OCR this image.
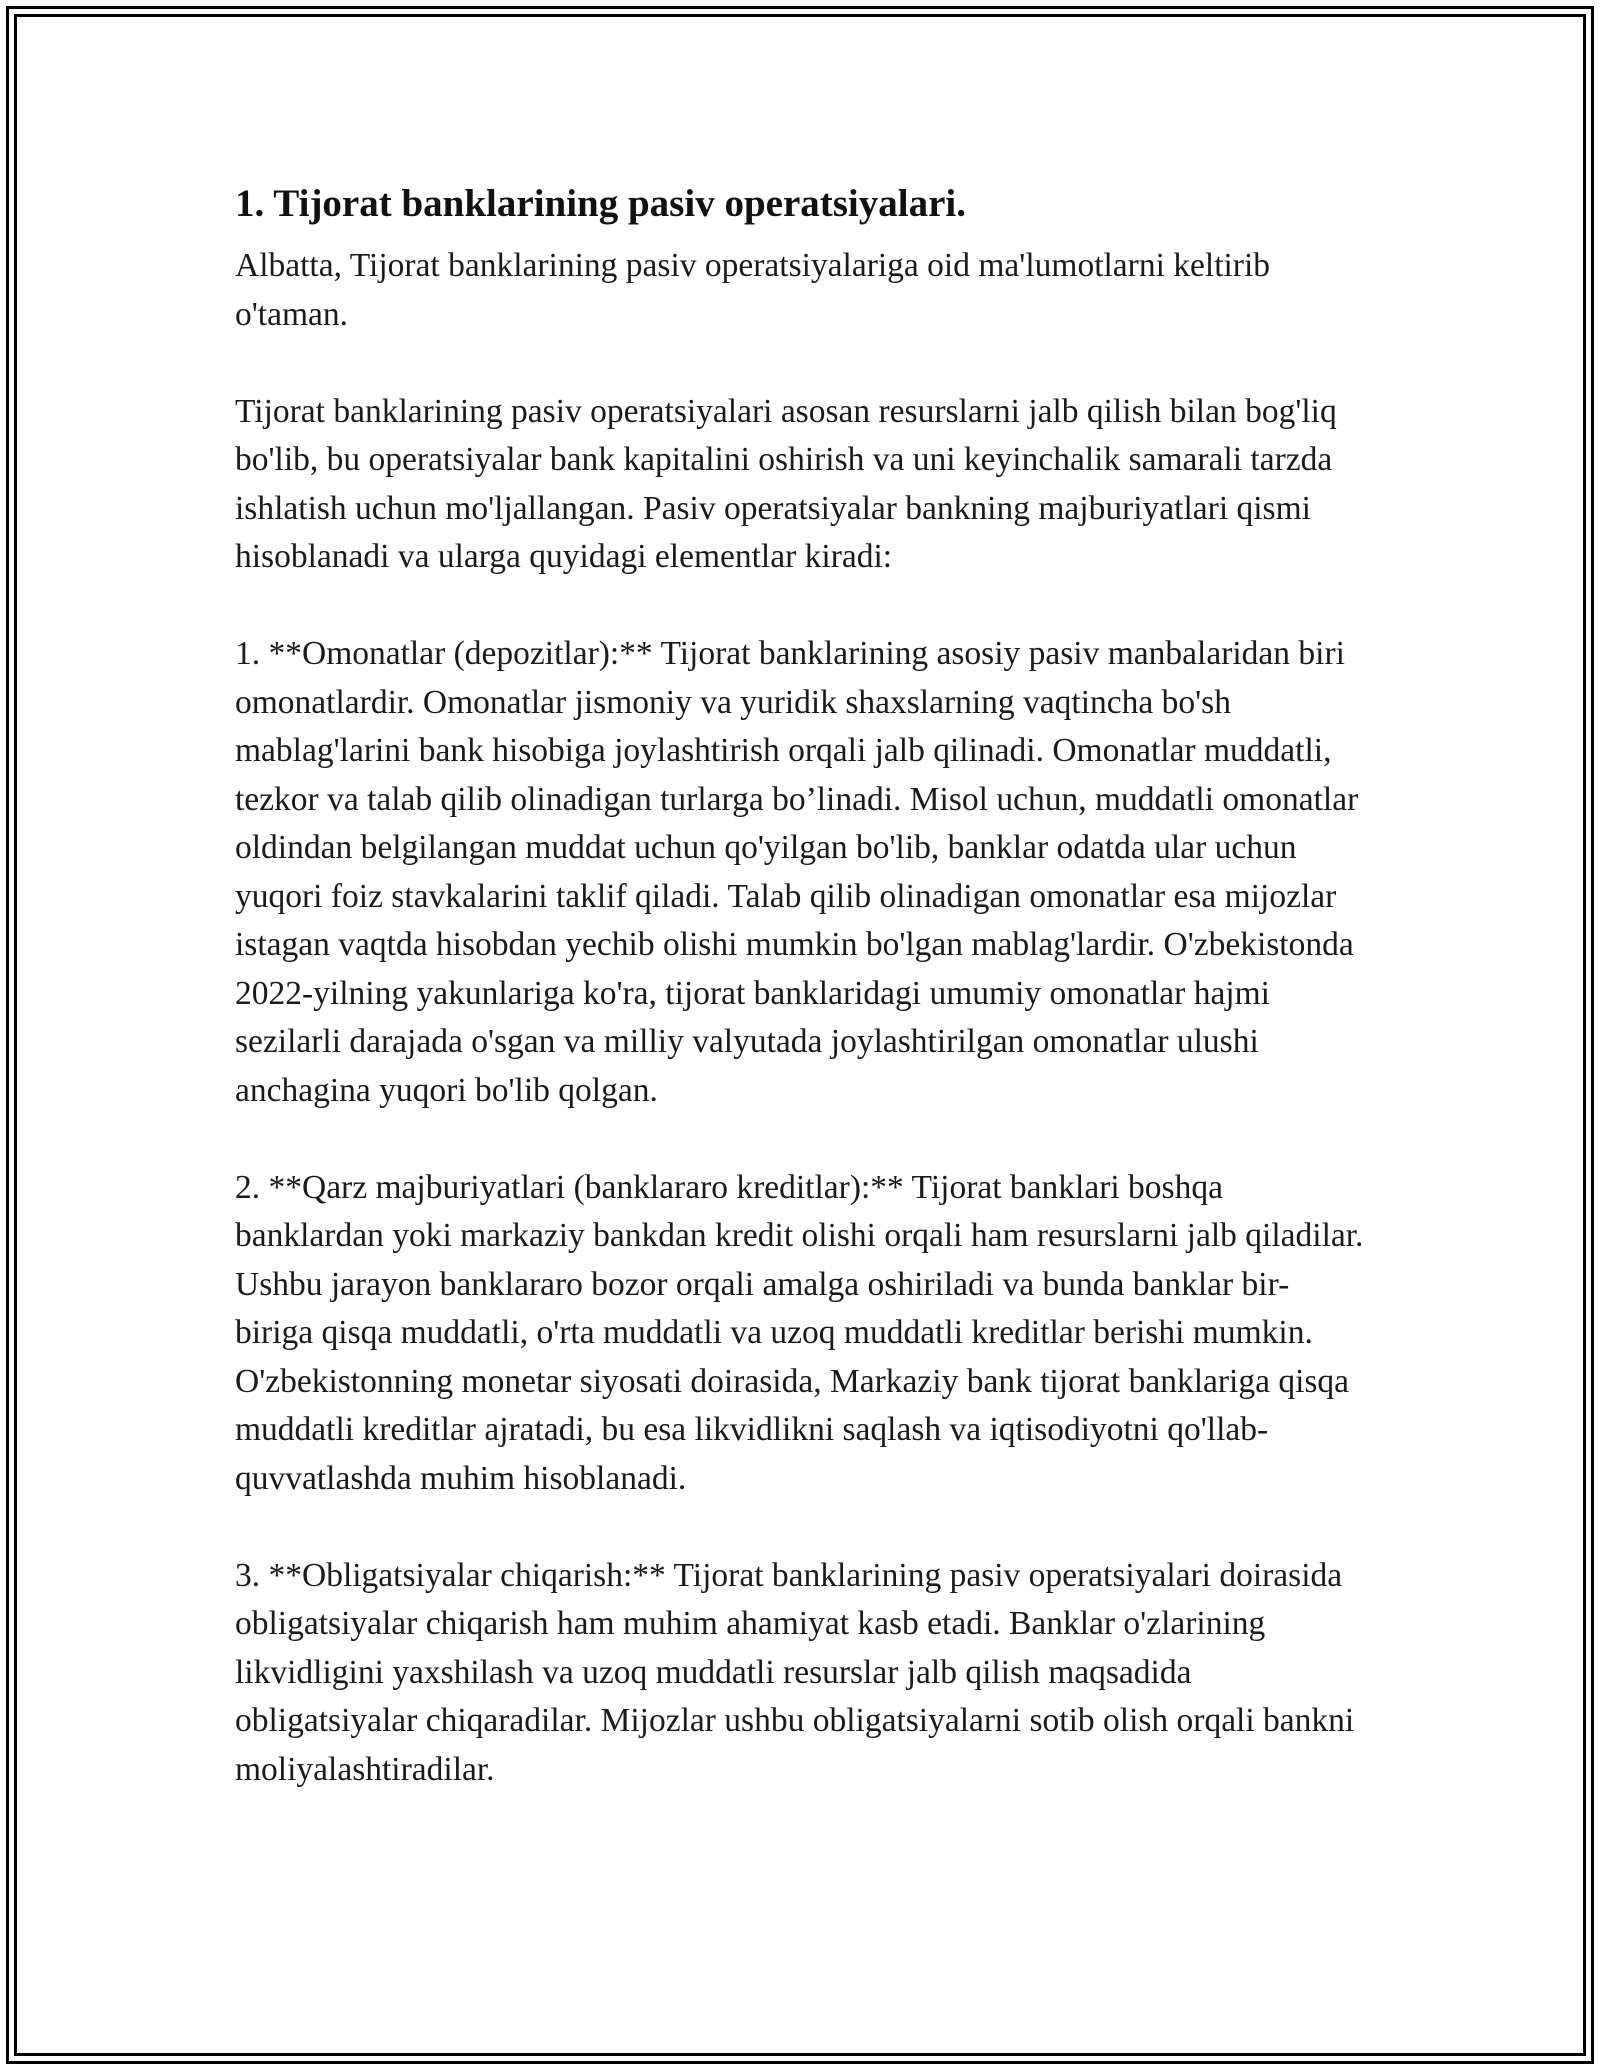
1. Tijorat banklarining pasiv operatsiyalari.

Albatta, Tijorat banklarining pasiv operatsiyalariga oid ma'lumotlarni keltirib o'taman.

Tijorat banklarining pasiv operatsiyalari asosan resurslarni jalb qilish bilan bog'liq bo'lib, bu operatsiyalar bank kapitalini oshirish va uni keyinchalik samarali tarzda ishlatish uchun mo'ljallangan. Pasiv operatsiyalar bankning majburiyatlari qismi hisoblanadi va ularga quyidagi elementlar kiradi:

1. **Omonatlar (depozitlar):** Tijorat banklarining asosiy pasiv manbalaridan biri omonatlardir. Omonatlar jismoniy va yuridik shaxslarning vaqtincha bo'sh mablag'larini bank hisobiga joylashtirish orqali jalb qilinadi. Omonatlar muddatli, tezkor va talab qilib olinadigan turlarga bo’linadi. Misol uchun, muddatli omonatlar oldindan belgilangan muddat uchun qo'yilgan bo'lib, banklar odatda ular uchun yuqori foiz stavkalarini taklif qiladi. Talab qilib olinadigan omonatlar esa mijozlar istagan vaqtda hisobdan yechib olishi mumkin bo'lgan mablag'lardir. O'zbekistonda 2022-yilning yakunlariga ko'ra, tijorat banklaridagi umumiy omonatlar hajmi sezilarli darajada o'sgan va milliy valyutada joylashtirilgan omonatlar ulushi anchagina yuqori bo'lib qolgan.

2. **Qarz majburiyatlari (banklararo kreditlar):** Tijorat banklari boshqa banklardan yoki markaziy bankdan kredit olishi orqali ham resurslarni jalb qiladilar. Ushbu jarayon banklararo bozor orqali amalga oshiriladi va bunda banklar bir-biriga qisqa muddatli, o'rta muddatli va uzoq muddatli kreditlar berishi mumkin. O'zbekistonning monetar siyosati doirasida, Markaziy bank tijorat banklariga qisqa muddatli kreditlar ajratadi, bu esa likvidlikni saqlash va iqtisodiyotni qo'llab-quvvatlashda muhim hisoblanadi.

3. **Obligatsiyalar chiqarish:** Tijorat banklarining pasiv operatsiyalari doirasida obligatsiyalar chiqarish ham muhim ahamiyat kasb etadi. Banklar o'zlarining likvidligini yaxshilash va uzoq muddatli resurslar jalb qilish maqsadida obligatsiyalar chiqaradilar. Mijozlar ushbu obligatsiyalarni sotib olish orqali bankni moliyalashtiradilar.
